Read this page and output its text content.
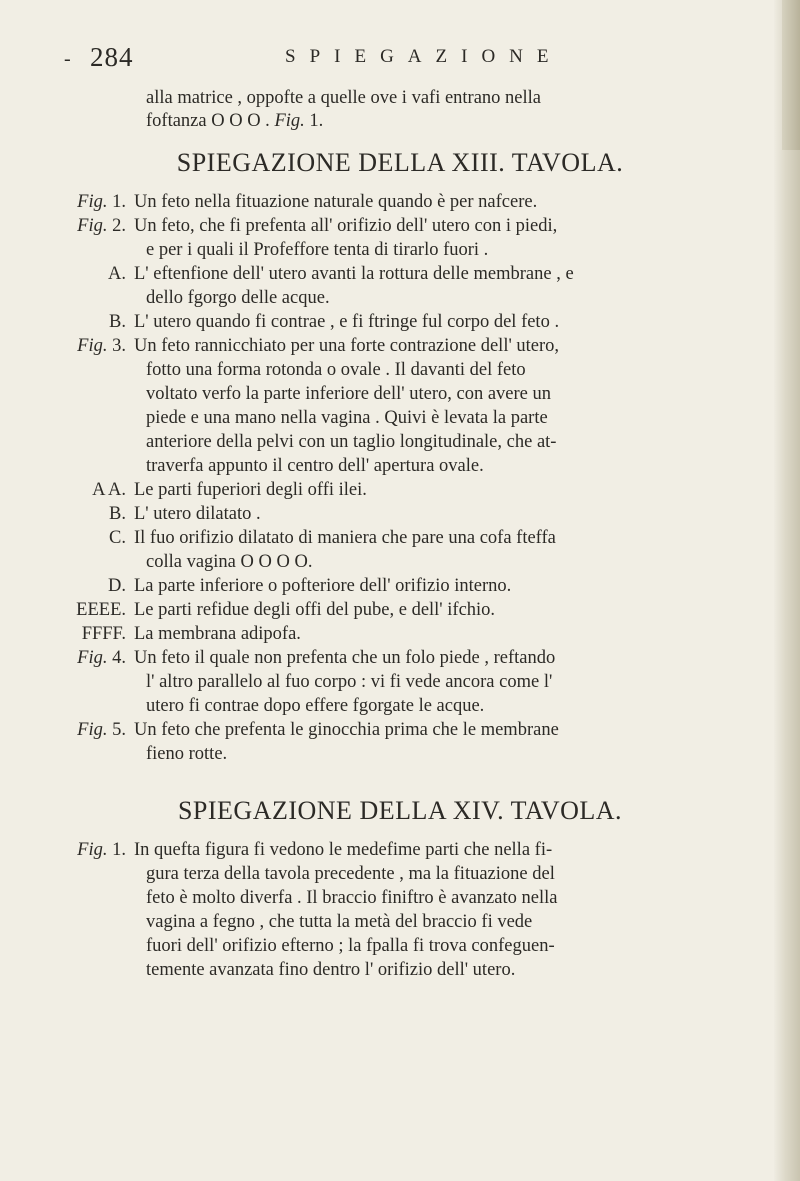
- 284	SPIEGAZIONE
alla matrice , oppofte a quelle ove i vafi entrano nella
foftanza O O O . Fig. 1.
SPIEGAZIONE DELLA XIII. TAVOLA.
Fig. 1. Un feto nella fituazione naturale quando è per nafcere.
Fig. 2. Un feto, che fi prefenta all' orifizio dell' utero con i piedi,
e per i quali il Profeffore tenta di tirarlo fuori .
A. L' eftenfione dell' utero avanti la rottura delle membrane , e
dello fgorgo delle acque.
B. L' utero quando fi contrae , e fi ftringe ful corpo del feto .
Fig. 3. Un feto rannicchiato per una forte contrazione dell' utero,
fotto una forma rotonda o ovale . Il davanti del feto
voltato verfo la parte inferiore dell' utero, con avere un
piede e una mano nella vagina . Quivi è levata la parte
anteriore della pelvi con un taglio longitudinale, che at-
traverfa appunto il centro dell' apertura ovale.
A A. Le parti fuperiori degli offi ilei.
B. L' utero dilatato .
C. Il fuo orifizio dilatato di maniera che pare una cofa fteffa
colla vagina O O O O.
D. La parte inferiore o pofteriore dell' orifizio interno.
EEEE. Le parti refidue degli offi del pube, e dell' ifchio.
FFFF. La membrana adipofa.
Fig. 4. Un feto il quale non prefenta che un folo piede , reftando
l' altro parallelo al fuo corpo : vi fi vede ancora come l'
utero fi contrae dopo effere fgorgate le acque.
Fig. 5. Un feto che prefenta le ginocchia prima che le membrane
fieno rotte.
SPIEGAZIONE DELLA XIV. TAVOLA.
Fig. 1. In quefta figura fi vedono le medefime parti che nella fi-
gura terza della tavola precedente , ma la fituazione del
feto è molto diverfa . Il braccio finiftro è avanzato nella
vagina a fegno , che tutta la metà del braccio fi vede
fuori dell' orifizio efterno ; la fpalla fi trova confeguen-
temente avanzata fino dentro l' orifizio dell' utero.
